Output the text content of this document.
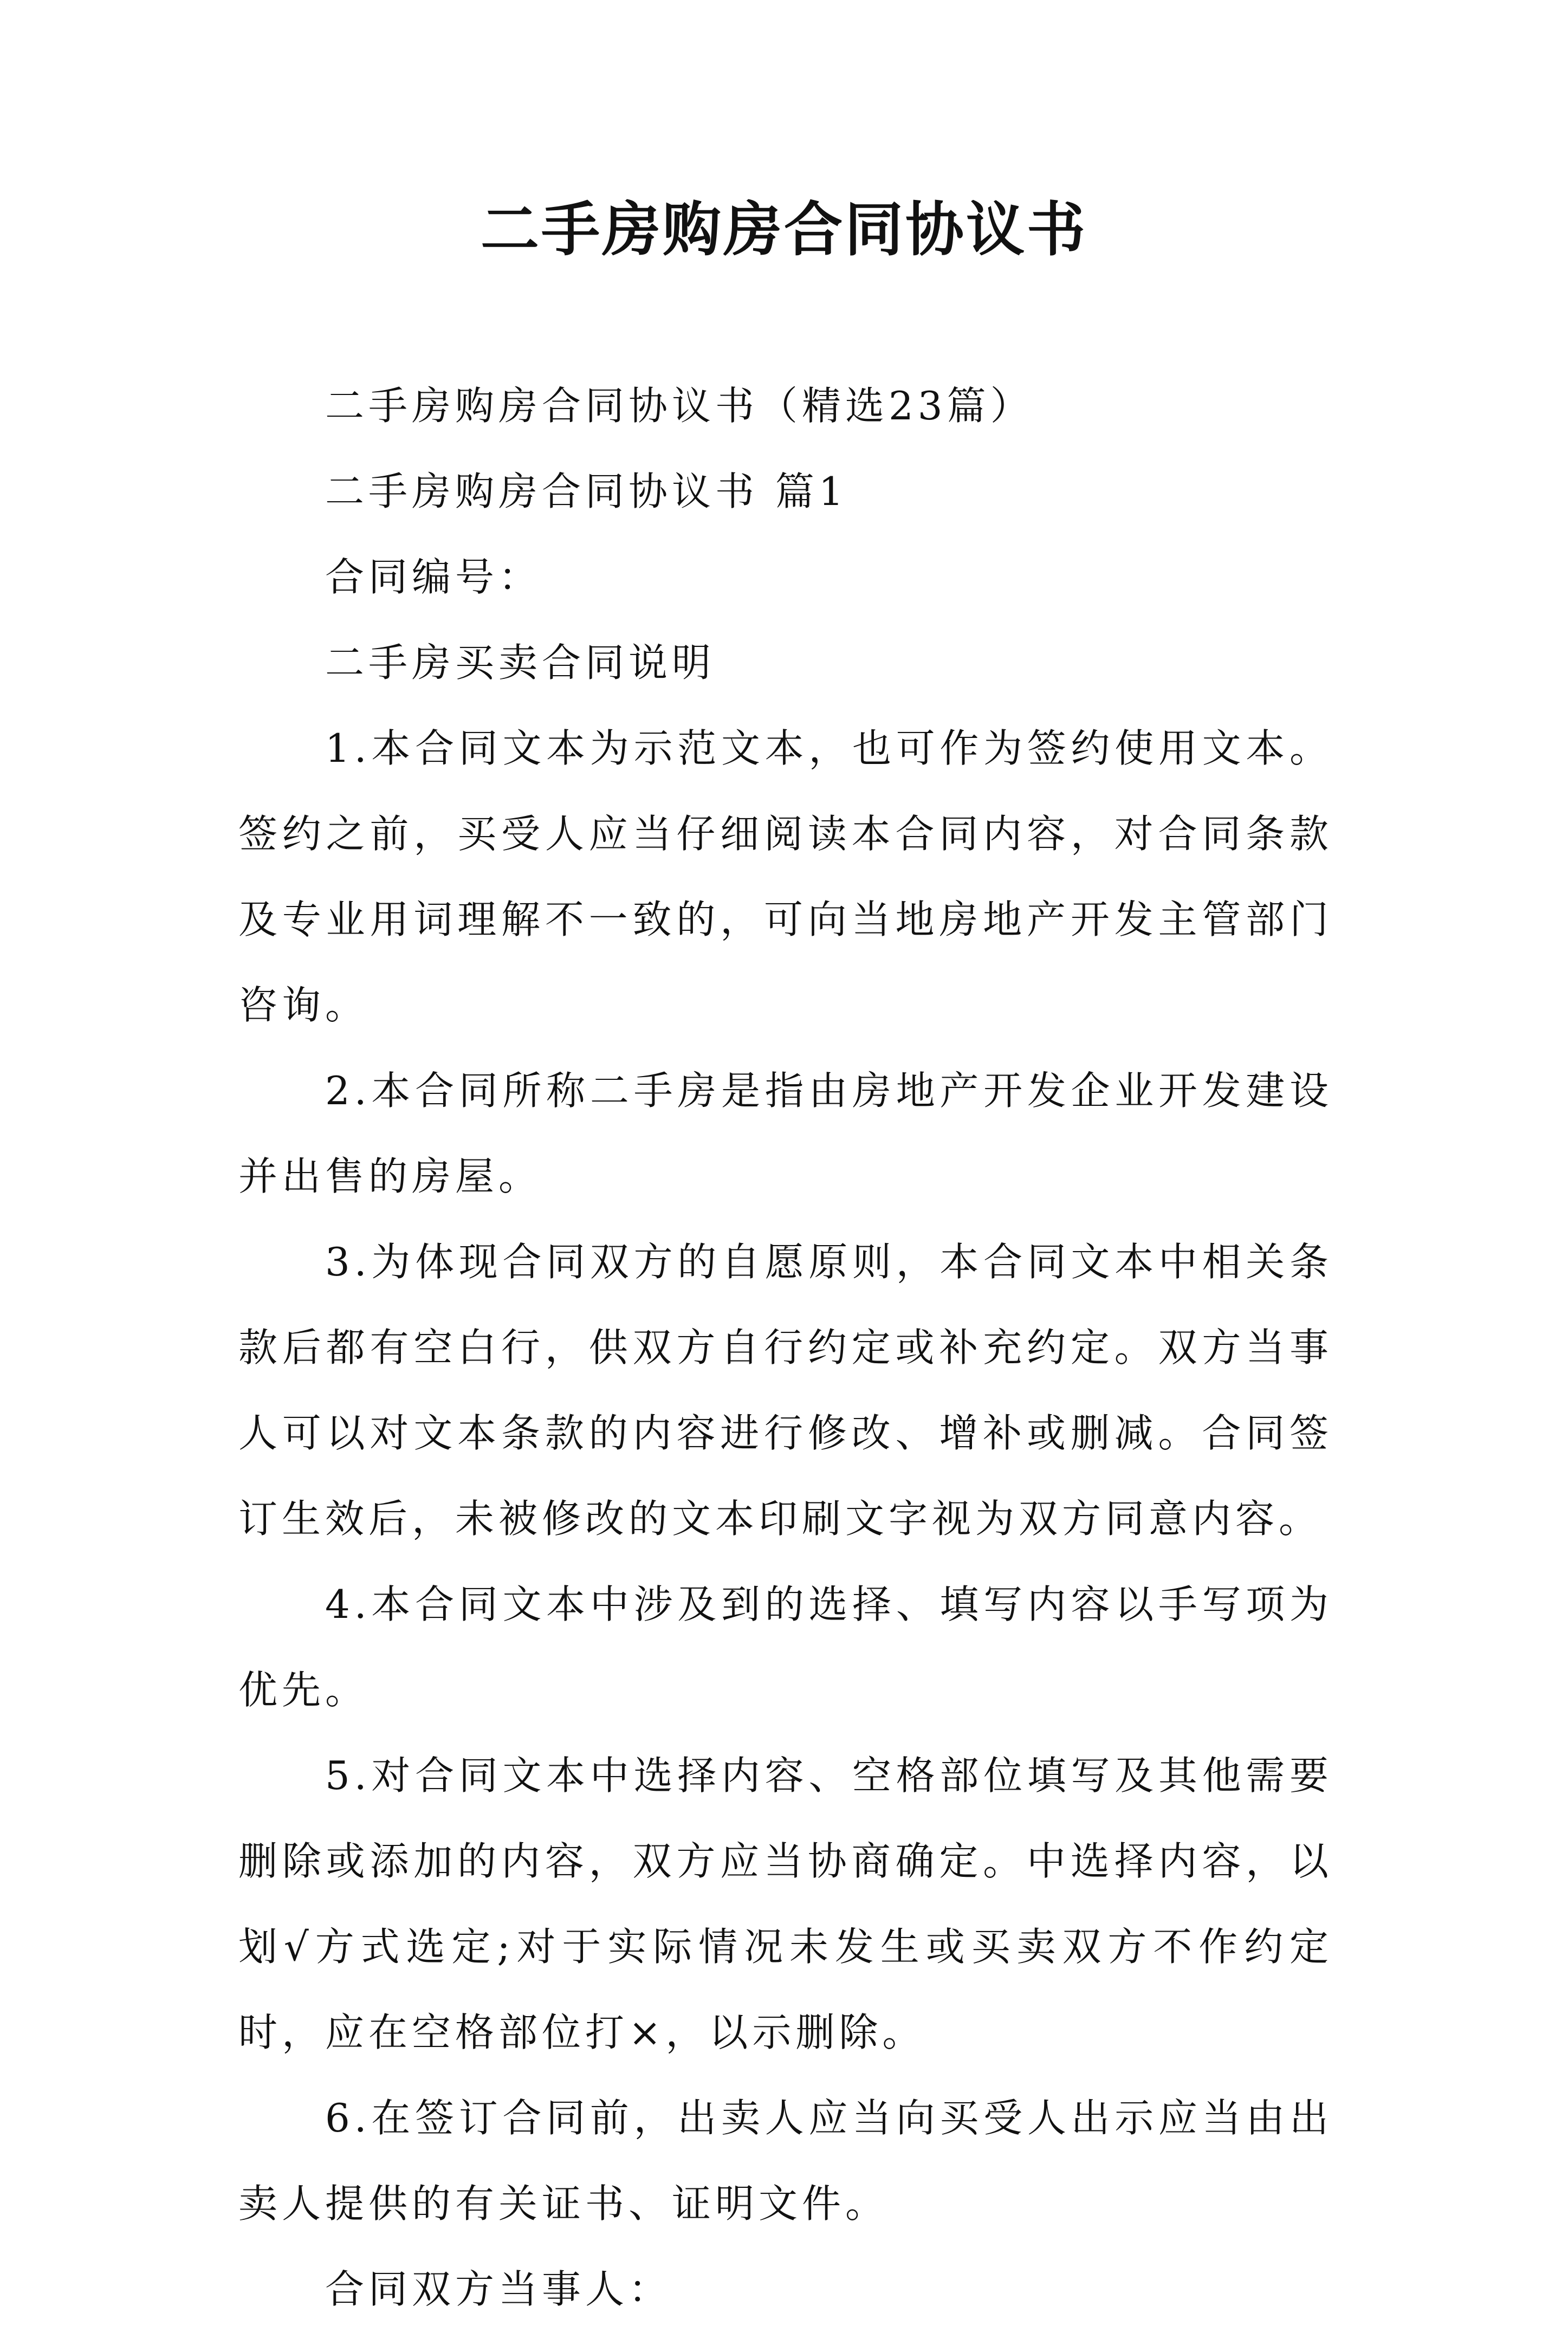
二手房购房合同协议书

二手房购房合同协议书（精选23篇）

二手房购房合同协议书 篇1

合同编号：

二手房买卖合同说明

1.本合同文本为示范文本，也可作为签约使用文本。签约之前，买受人应当仔细阅读本合同内容，对合同条款及专业用词理解不一致的，可向当地房地产开发主管部门咨询。

2.本合同所称二手房是指由房地产开发企业开发建设并出售的房屋。

3.为体现合同双方的自愿原则，本合同文本中相关条款后都有空白行，供双方自行约定或补充约定。双方当事人可以对文本条款的内容进行修改、增补或删减。合同签订生效后，未被修改的文本印刷文字视为双方同意内容。

4.本合同文本中涉及到的选择、填写内容以手写项为优先。

5.对合同文本中选择内容、空格部位填写及其他需要删除或添加的内容，双方应当协商确定。中选择内容，以划√方式选定;对于实际情况未发生或买卖双方不作约定时，应在空格部位打×，以示删除。

6.在签订合同前，出卖人应当向买受人出示应当由出卖人提供的有关证书、证明文件。

合同双方当事人：
